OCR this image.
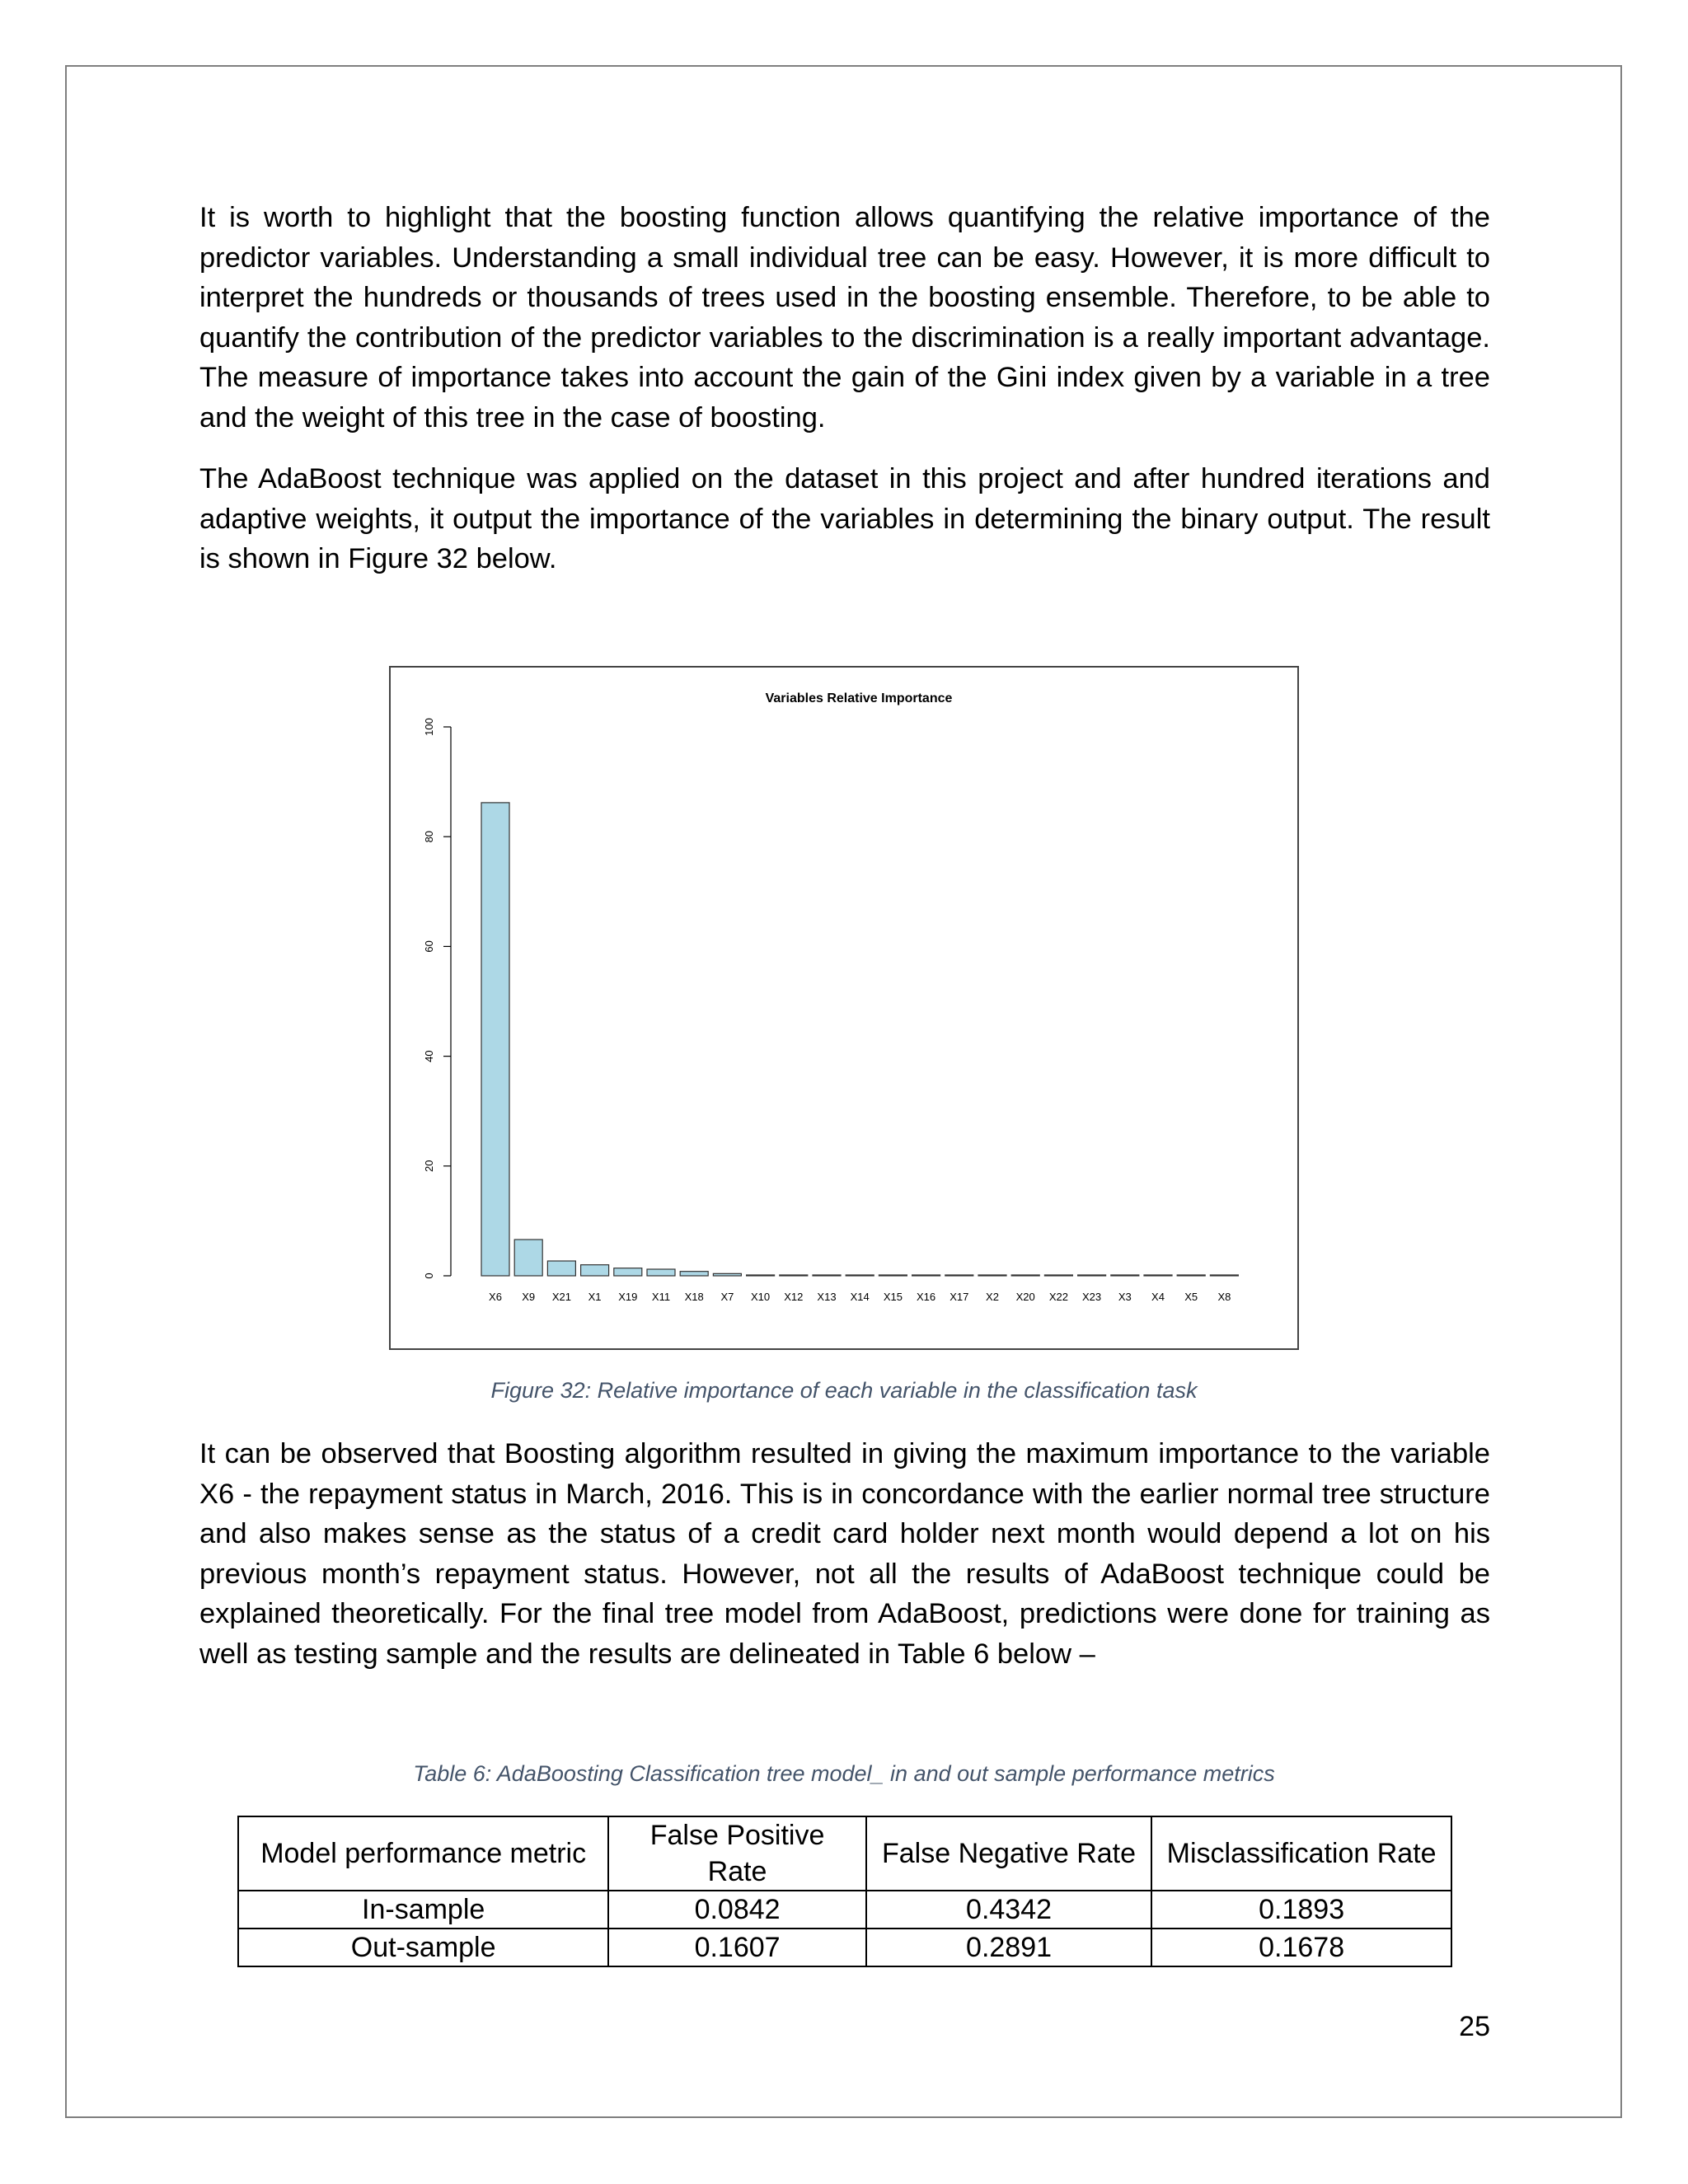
It is worth to highlight that the boosting function allows quantifying the relative importance of the predictor variables. Understanding a small individual tree can be easy. However, it is more difficult to interpret the hundreds or thousands of trees used in the boosting ensemble. Therefore, to be able to quantify the contribution of the predictor variables to the discrimination is a really important advantage. The measure of importance takes into account the gain of the Gini index given by a variable in a tree and the weight of this tree in the case of boosting.

The AdaBoost technique was applied on the dataset in this project and after hundred iterations and adaptive weights, it output the importance of the variables in determining the binary output. The result is shown in Figure 32 below.

Variables Relative Importance
0
20
40
60
80
100
X6 X9 X21 X1 X19 X11 X18 X7 X10 X12 X13 X14 X15 X16 X17 X2 X20 X22 X23 X3 X4 X5 X8

Figure 32: Relative importance of each variable in the classification task

It can be observed that Boosting algorithm resulted in giving the maximum importance to the variable X6 - the repayment status in March, 2016. This is in concordance with the earlier normal tree structure and also makes sense as the status of a credit card holder next month would depend a lot on his previous month’s repayment status. However, not all the results of AdaBoost technique could be explained theoretically. For the final tree model from AdaBoost, predictions were done for training as well as testing sample and the results are delineated in Table 6 below –

Table 6: AdaBoosting Classification tree model_ in and out sample performance metrics

Model performance metric	False Positive Rate	False Negative Rate	Misclassification Rate
In-sample	0.0842	0.4342	0.1893
Out-sample	0.1607	0.2891	0.1678

25
